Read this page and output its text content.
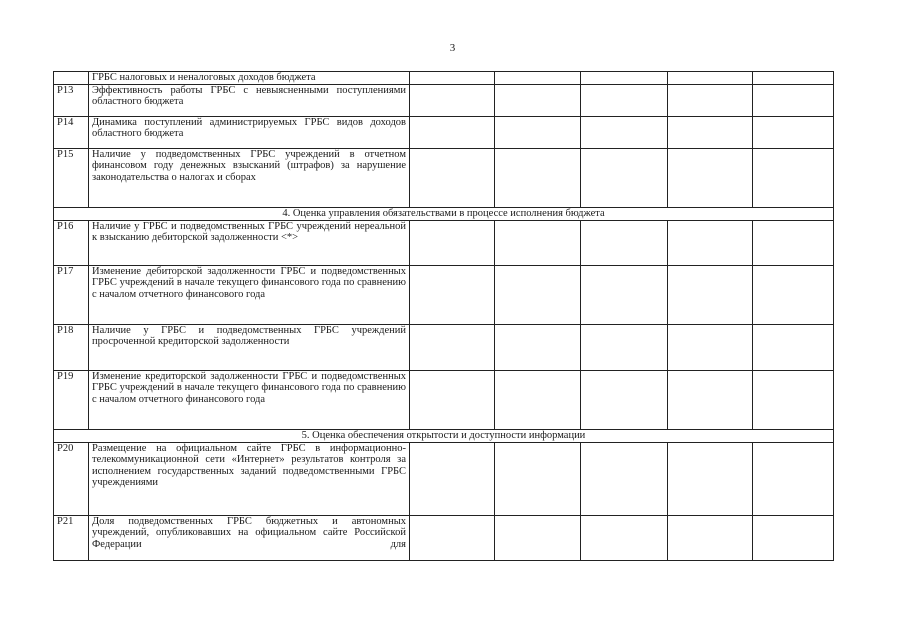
3
	ГРБС налоговых и неналоговых доходов бюджета					
P13	Эффективность работы ГРБС с невыясненными поступлениями областного бюджета					
P14	Динамика поступлений администрируемых ГРБС видов доходов областного бюджета					
P15	Наличие у подведомственных ГРБС учреждений в отчетном финансовом году денежных взысканий (штрафов) за нарушение законодательства о налогах и сборах					
4. Оценка управления обязательствами в процессе исполнения бюджета						
P16	Наличие у ГРБС и подведомственных ГРБС учреждений нереальной к взысканию дебиторской задолженности <*>					
P17	Изменение дебиторской задолженности ГРБС и подведомственных ГРБС учреждений в начале текущего финансового года по сравнению с началом отчетного финансового года					
P18	Наличие у ГРБС и подведомственных ГРБС учреждений просроченной кредиторской задолженности					
P19	Изменение кредиторской задолженности ГРБС и подведомственных ГРБС учреждений в начале текущего финансового года по сравнению с началом отчетного финансового года					
5. Оценка обеспечения открытости и доступности информации						
P20	Размещение на официальном сайте ГРБС в информационно-телекоммуникационной сети «Интернет» результатов контроля за исполнением государственных заданий подведомственными ГРБС учреждениями					
P21	Доля подведомственных ГРБС бюджетных и автономных учреждений, опубликовавших на официальном сайте Российской Федерации для					
